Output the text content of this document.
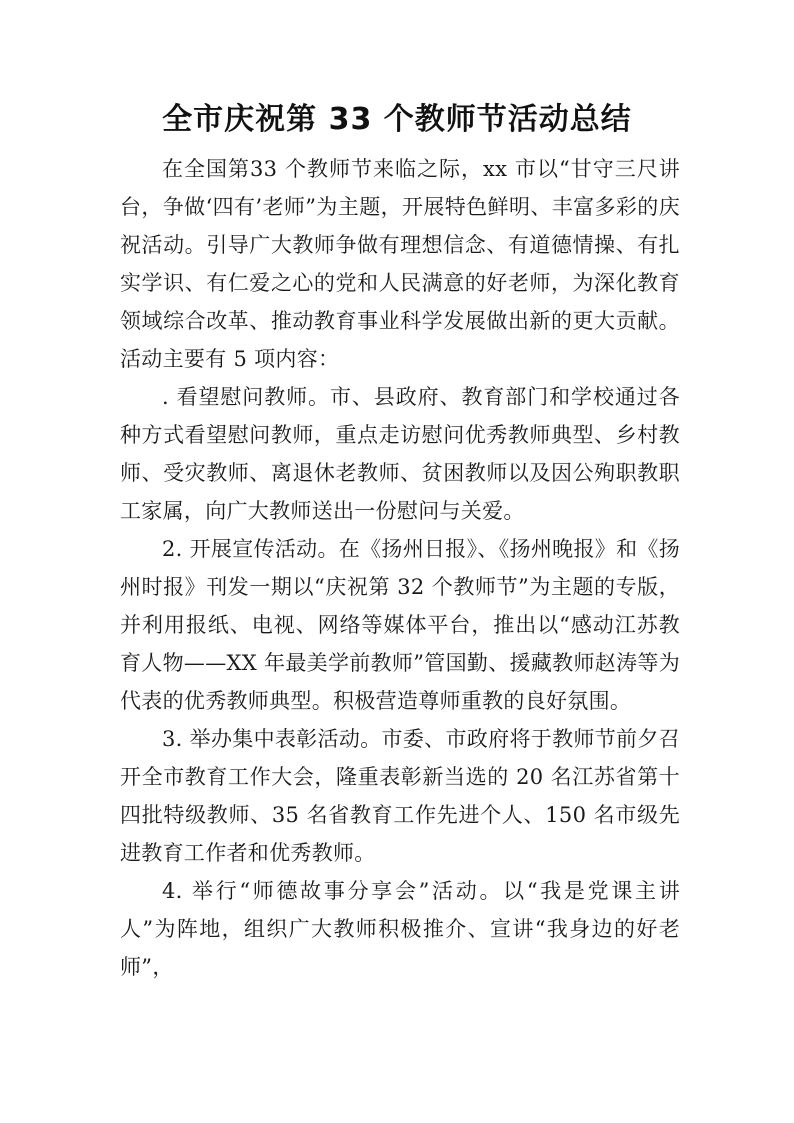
全市庆祝第 33 个教师节活动总结

在全国第33 个教师节来临之际，xx 市以“甘守三尺讲台，争做‘四有’老师”为主题，开展特色鲜明、丰富多彩的庆祝活动。引导广大教师争做有理想信念、有道德情操、有扎实学识、有仁爱之心的党和人民满意的好老师，为深化教育领域综合改革、推动教育事业科学发展做出新的更大贡献。活动主要有 5 项内容：

. 看望慰问教师。市、县政府、教育部门和学校通过各种方式看望慰问教师，重点走访慰问优秀教师典型、乡村教师、受灾教师、离退休老教师、贫困教师以及因公殉职教职工家属，向广大教师送出一份慰问与关爱。

2. 开展宣传活动。在《扬州日报》、《扬州晚报》和《扬州时报》刊发一期以“庆祝第 32 个教师节”为主题的专版，并利用报纸、电视、网络等媒体平台，推出以“感动江苏教育人物——XX 年最美学前教师”管国勤、援藏教师赵涛等为代表的优秀教师典型。积极营造尊师重教的良好氛围。

3. 举办集中表彰活动。市委、市政府将于教师节前夕召开全市教育工作大会，隆重表彰新当选的 20 名江苏省第十四批特级教师、35 名省教育工作先进个人、150 名市级先进教育工作者和优秀教师。

4. 举行“师德故事分享会”活动。以“我是党课主讲人”为阵地，组织广大教师积极推介、宣讲“我身边的好老师”，
